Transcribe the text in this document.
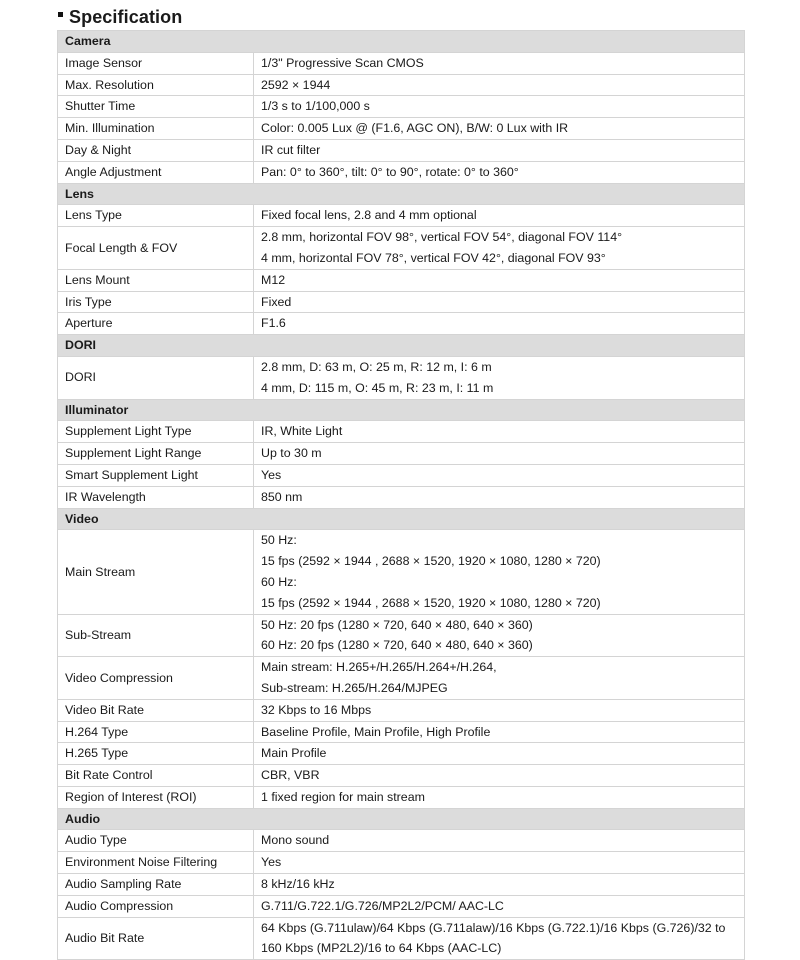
Specification
Camera	
Image Sensor	1/3" Progressive Scan CMOS

Max. Resolution	2592 × 1944

Shutter Time	1/3 s to 1/100,000 s

Min. Illumination	Color: 0.005 Lux @ (F1.6, AGC ON), B/W: 0 Lux with IR

Day & Night	IR cut filter

Angle Adjustment	Pan: 0° to 360°, tilt: 0° to 90°, rotate: 0° to 360°

Lens	
Lens Type	Fixed focal lens, 2.8 and 4 mm optional

Focal Length & FOV	2.8 mm, horizontal FOV 98°, vertical FOV 54°, diagonal FOV 114°
4 mm, horizontal FOV 78°, vertical FOV 42°, diagonal FOV 93°

Lens Mount	M12

Iris Type	Fixed

Aperture	F1.6

DORI	
DORI	2.8 mm, D: 63 m, O: 25 m, R: 12 m, I: 6 m
4 mm, D: 115 m, O: 45 m, R: 23 m, I: 11 m

Illuminator	
Supplement Light Type	IR, White Light

Supplement Light Range	Up to 30 m

Smart Supplement Light	Yes

IR Wavelength	850 nm

Video	
Main Stream	50 Hz:
15 fps (2592 × 1944 , 2688 × 1520, 1920 × 1080, 1280 × 720)
60 Hz:
15 fps (2592 × 1944 , 2688 × 1520, 1920 × 1080, 1280 × 720)

Sub-Stream	50 Hz: 20 fps (1280 × 720, 640 × 480, 640 × 360)
60 Hz: 20 fps (1280 × 720, 640 × 480, 640 × 360)

Video Compression	Main stream: H.265+/H.265/H.264+/H.264,
Sub-stream: H.265/H.264/MJPEG

Video Bit Rate	32 Kbps to 16 Mbps

H.264 Type	Baseline Profile, Main Profile, High Profile

H.265 Type	Main Profile

Bit Rate Control	CBR, VBR

Region of Interest (ROI)	1 fixed region for main stream

Audio	
Audio Type	Mono sound

Environment Noise Filtering	Yes

Audio Sampling Rate	8 kHz/16 kHz

Audio Compression	G.711/G.722.1/G.726/MP2L2/PCM/ AAC-LC

Audio Bit Rate	64 Kbps (G.711ulaw)/64 Kbps (G.711alaw)/16 Kbps (G.722.1)/16 Kbps (G.726)/32 to
160 Kbps (MP2L2)/16 to 64 Kbps (AAC-LC)
